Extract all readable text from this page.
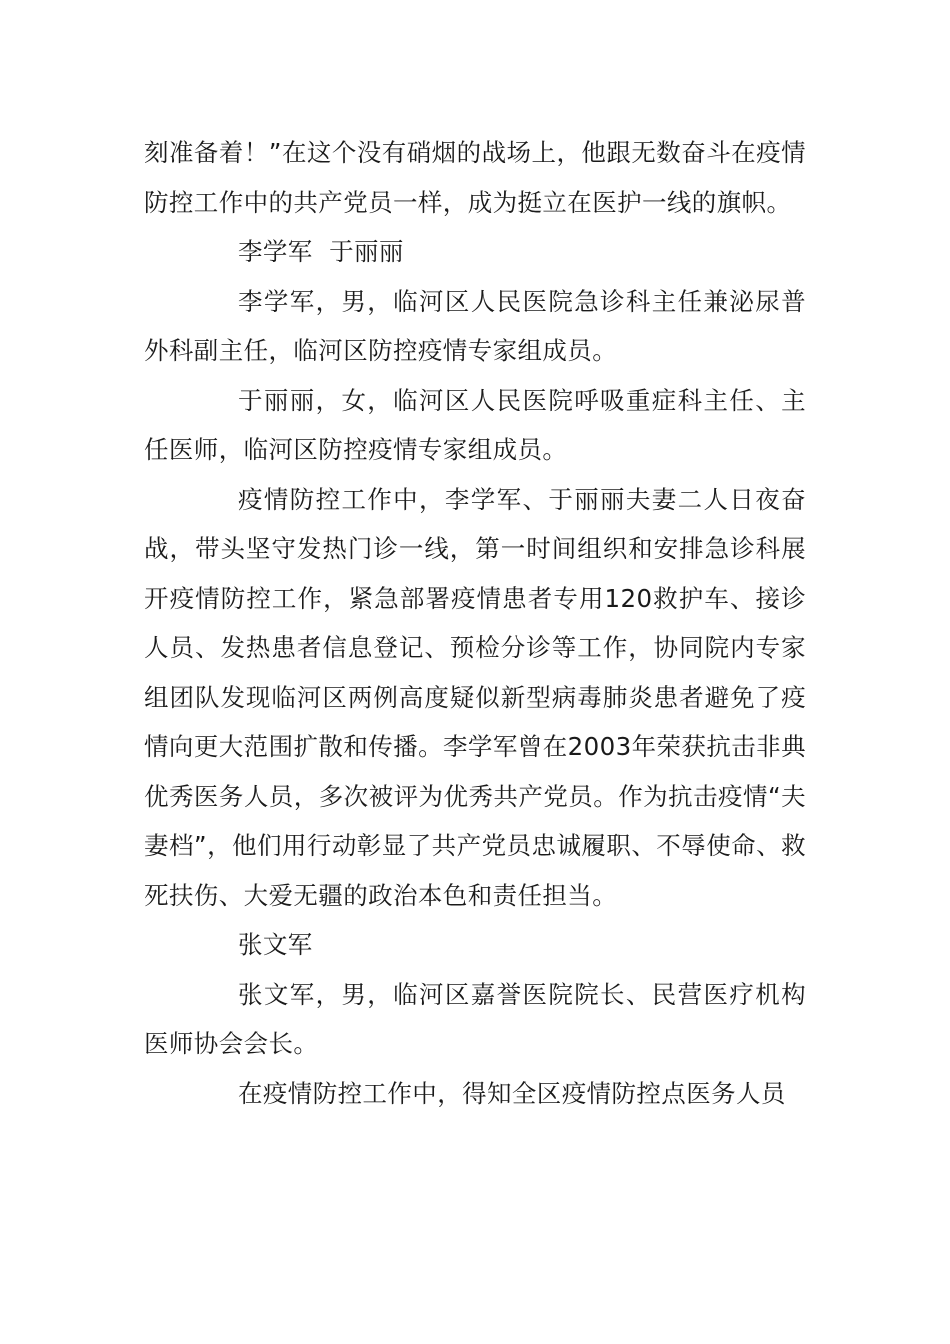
刻准备着！”在这个没有硝烟的战场上，他跟无数奋斗在疫情防控工作中的共产党员一样，成为挺立在医护一线的旗帜。

李学军  于丽丽

李学军，男，临河区人民医院急诊科主任兼泌尿普外科副主任，临河区防控疫情专家组成员。

于丽丽，女，临河区人民医院呼吸重症科主任、主任医师，临河区防控疫情专家组成员。

疫情防控工作中，李学军、于丽丽夫妻二人日夜奋战，带头坚守发热门诊一线，第一时间组织和安排急诊科展开疫情防控工作，紧急部署疫情患者专用120救护车、接诊人员、发热患者信息登记、预检分诊等工作，协同院内专家组团队发现临河区两例高度疑似新型病毒肺炎患者避免了疫情向更大范围扩散和传播。李学军曾在2003年荣获抗击非典优秀医务人员，多次被评为优秀共产党员。作为抗击疫情“夫妻档”，他们用行动彰显了共产党员忠诚履职、不辱使命、救死扶伤、大爱无疆的政治本色和责任担当。

张文军

张文军，男，临河区嘉誉医院院长、民营医疗机构医师协会会长。

在疫情防控工作中，得知全区疫情防控点医务人员
